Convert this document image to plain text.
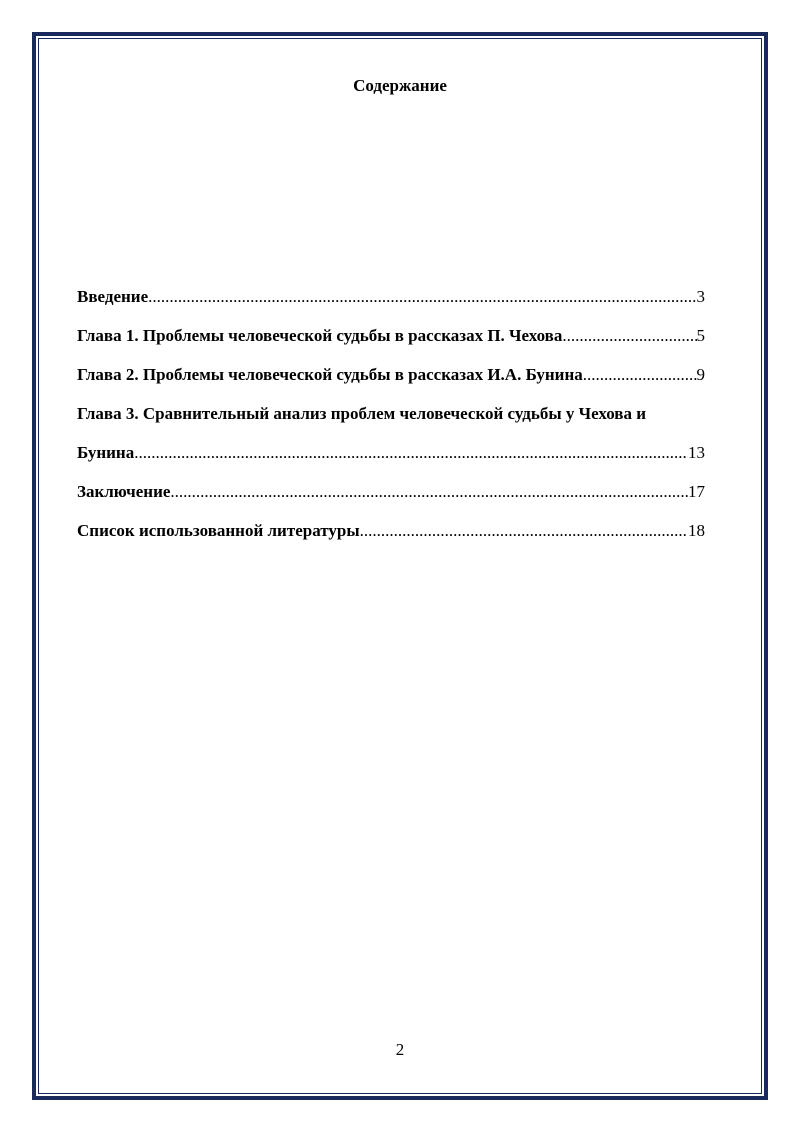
Содержание
Введение .....	3
Глава 1. Проблемы человеческой судьбы в рассказах П. Чехова .....	5
Глава 2. Проблемы человеческой судьбы в рассказах И.А. Бунина .....	9
Глава 3. Сравнительный анализ проблем человеческой судьбы у Чехова и
Бунина .....	13
Заключение .....	17
Список использованной литературы .....	18
2
